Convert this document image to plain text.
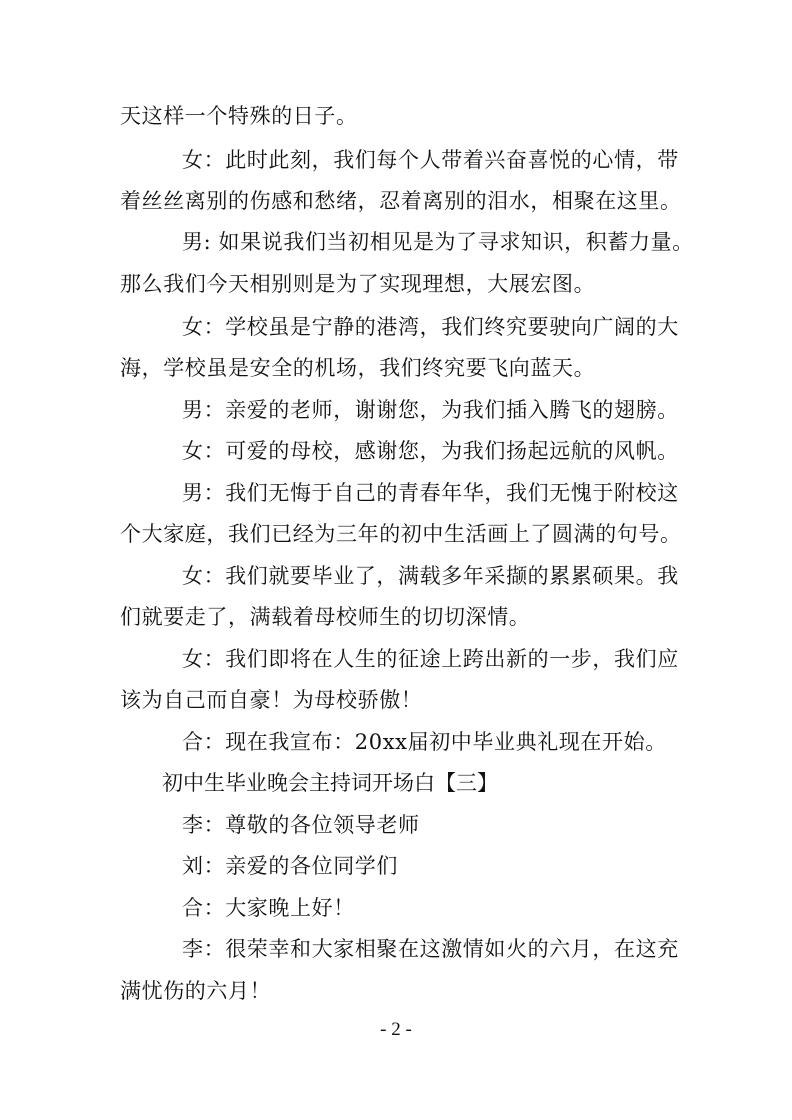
天这样一个特殊的日子。
女：此时此刻，我们每个人带着兴奋喜悦的心情，带
着丝丝离别的伤感和愁绪，忍着离别的泪水，相聚在这里。
男: 如果说我们当初相见是为了寻求知识，积蓄力量。
那么我们今天相别则是为了实现理想，大展宏图。
女：学校虽是宁静的港湾，我们终究要驶向广阔的大
海，学校虽是安全的机场，我们终究要飞向蓝天。
男：亲爱的老师，谢谢您，为我们插入腾飞的翅膀。
女：可爱的母校，感谢您，为我们扬起远航的风帆。
男：我们无悔于自己的青春年华，我们无愧于附校这
个大家庭，我们已经为三年的初中生活画上了圆满的句号。
女：我们就要毕业了，满载多年采撷的累累硕果。我
们就要走了，满载着母校师生的切切深情。
女：我们即将在人生的征途上跨出新的一步，我们应
该为自己而自豪！为母校骄傲！
合：现在我宣布：20xx届初中毕业典礼现在开始。
初中生毕业晚会主持词开场白【三】
李：尊敬的各位领导老师
刘：亲爱的各位同学们
合：大家晚上好！
李：很荣幸和大家相聚在这激情如火的六月，在这充
满忧伤的六月！
- 2 -
